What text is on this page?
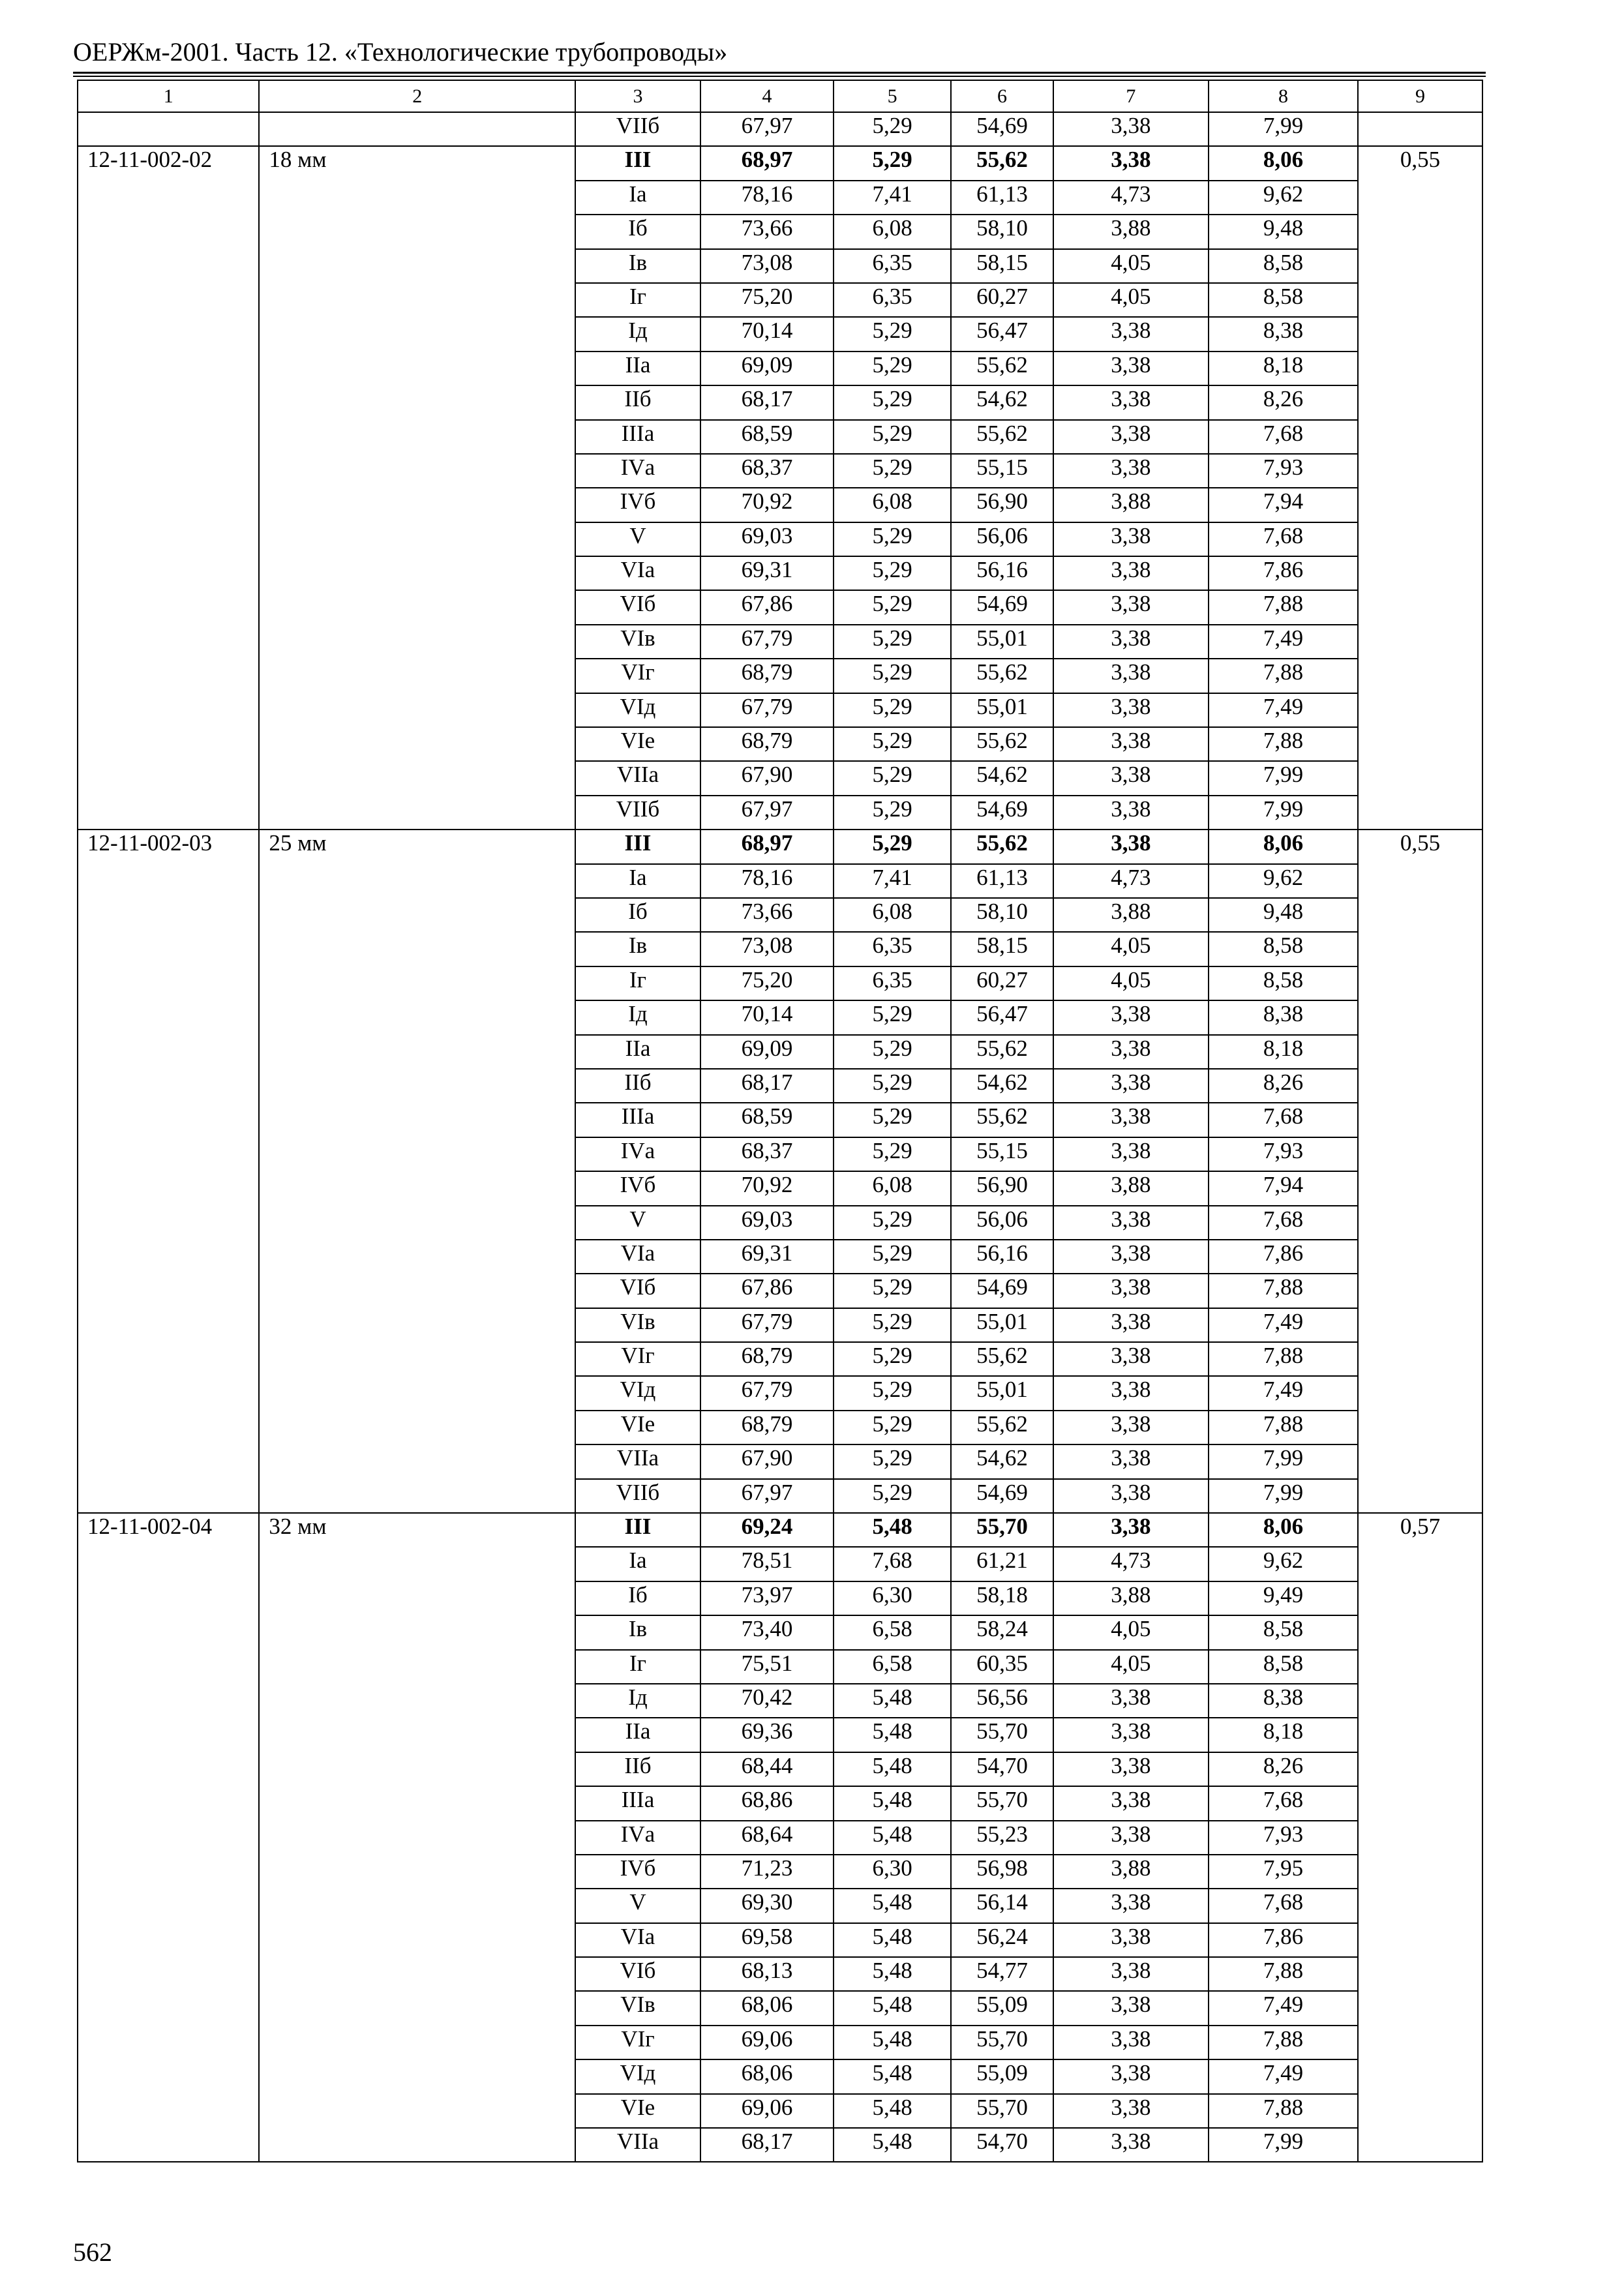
ОЕРЖм-2001. Часть 12. «Технологические трубопроводы»
1	2	3	4	5	6	7	8	9
		VIIб	67,97	5,29	54,69	3,38	7,99	
12-11-002-02	18 мм	III	68,97	5,29	55,62	3,38	8,06	0,55
		Iа	78,16	7,41	61,13	4,73	9,62	
		Iб	73,66	6,08	58,10	3,88	9,48	
		Iв	73,08	6,35	58,15	4,05	8,58	
		Iг	75,20	6,35	60,27	4,05	8,58	
		Iд	70,14	5,29	56,47	3,38	8,38	
		IIа	69,09	5,29	55,62	3,38	8,18	
		IIб	68,17	5,29	54,62	3,38	8,26	
		IIIа	68,59	5,29	55,62	3,38	7,68	
		IVа	68,37	5,29	55,15	3,38	7,93	
		IVб	70,92	6,08	56,90	3,88	7,94	
		V	69,03	5,29	56,06	3,38	7,68	
		VIа	69,31	5,29	56,16	3,38	7,86	
		VIб	67,86	5,29	54,69	3,38	7,88	
		VIв	67,79	5,29	55,01	3,38	7,49	
		VIг	68,79	5,29	55,62	3,38	7,88	
		VIд	67,79	5,29	55,01	3,38	7,49	
		VIе	68,79	5,29	55,62	3,38	7,88	
		VIIа	67,90	5,29	54,62	3,38	7,99	
		VIIб	67,97	5,29	54,69	3,38	7,99	
12-11-002-03	25 мм	III	68,97	5,29	55,62	3,38	8,06	0,55
		Iа	78,16	7,41	61,13	4,73	9,62	
		Iб	73,66	6,08	58,10	3,88	9,48	
		Iв	73,08	6,35	58,15	4,05	8,58	
		Iг	75,20	6,35	60,27	4,05	8,58	
		Iд	70,14	5,29	56,47	3,38	8,38	
		IIа	69,09	5,29	55,62	3,38	8,18	
		IIб	68,17	5,29	54,62	3,38	8,26	
		IIIа	68,59	5,29	55,62	3,38	7,68	
		IVа	68,37	5,29	55,15	3,38	7,93	
		IVб	70,92	6,08	56,90	3,88	7,94	
		V	69,03	5,29	56,06	3,38	7,68	
		VIа	69,31	5,29	56,16	3,38	7,86	
		VIб	67,86	5,29	54,69	3,38	7,88	
		VIв	67,79	5,29	55,01	3,38	7,49	
		VIг	68,79	5,29	55,62	3,38	7,88	
		VIд	67,79	5,29	55,01	3,38	7,49	
		VIе	68,79	5,29	55,62	3,38	7,88	
		VIIа	67,90	5,29	54,62	3,38	7,99	
		VIIб	67,97	5,29	54,69	3,38	7,99	
12-11-002-04	32 мм	III	69,24	5,48	55,70	3,38	8,06	0,57
		Iа	78,51	7,68	61,21	4,73	9,62	
		Iб	73,97	6,30	58,18	3,88	9,49	
		Iв	73,40	6,58	58,24	4,05	8,58	
		Iг	75,51	6,58	60,35	4,05	8,58	
		Iд	70,42	5,48	56,56	3,38	8,38	
		IIа	69,36	5,48	55,70	3,38	8,18	
		IIб	68,44	5,48	54,70	3,38	8,26	
		IIIа	68,86	5,48	55,70	3,38	7,68	
		IVа	68,64	5,48	55,23	3,38	7,93	
		IVб	71,23	6,30	56,98	3,88	7,95	
		V	69,30	5,48	56,14	3,38	7,68	
		VIа	69,58	5,48	56,24	3,38	7,86	
		VIб	68,13	5,48	54,77	3,38	7,88	
		VIв	68,06	5,48	55,09	3,38	7,49	
		VIг	69,06	5,48	55,70	3,38	7,88	
		VIд	68,06	5,48	55,09	3,38	7,49	
		VIе	69,06	5,48	55,70	3,38	7,88	
		VIIа	68,17	5,48	54,70	3,38	7,99	
562
